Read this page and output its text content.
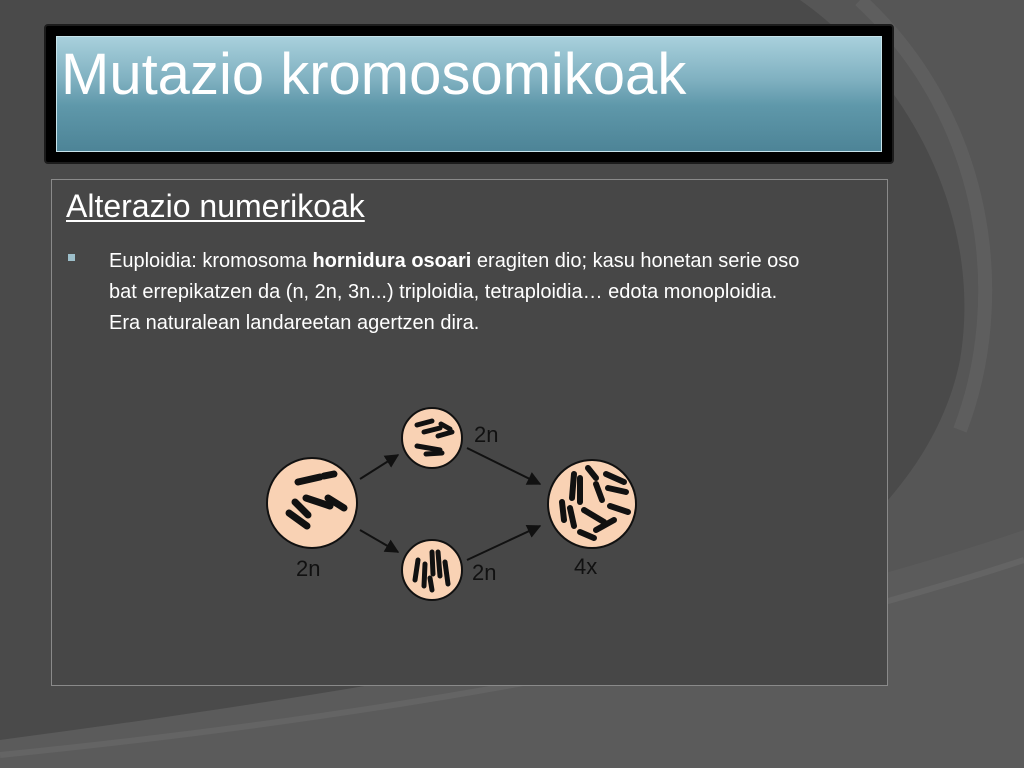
Mutazio kromosomikoak
Alterazio numerikoak

Euploidia: kromosoma hornidura osoari eragiten dio; kasu honetan serie oso bat errepikatzen da (n, 2n, 3n...) triploidia, tetraploidia… edota monoploidia. Era naturalean landareetan agertzen dira.

2n
2n
2n	4x
